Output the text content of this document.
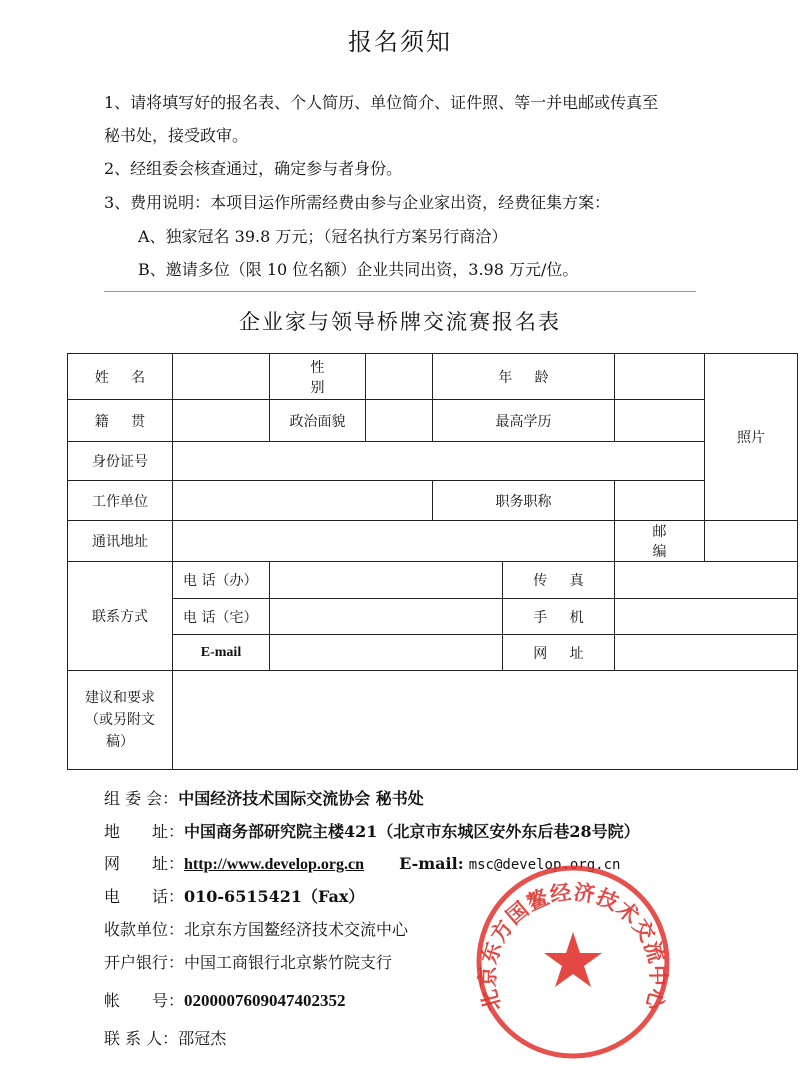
报名须知
1、请将填写好的报名表、个人简历、单位简介、证件照、等一并电邮或传真至
秘书处，接受政审。
2、经组委会核查通过，确定参与者身份。
3、费用说明：本项目运作所需经费由参与企业家出资，经费征集方案：
A、独家冠名 39.8 万元；（冠名执行方案另行商洽）
B、邀请多位（限 10 位名额）企业共同出资，3.98 万元/位。
企业家与领导桥牌交流赛报名表
姓名		性别		年龄			照片
籍贯		政治面貌		最高学历			

身份证号							

工作单位				职务职称			

通讯地址						邮编	

联系方式	电 话（办）				传真		

	电 话（宅）				手机		

	E-mail				网址		

建议和要求（或另附文稿）							
组 委 会：中国经济技术国际交流协会 秘书处
地　　址：中国商务部研究院主楼421（北京市东城区安外东后巷28号院）
网　　址：http://www.develop.org.cn E-mail: msc@develop.org.cn
电　　话：010-6515421（Fax）
收款单位：北京东方国鳌经济技术交流中心
开户银行：中国工商银行北京紫竹院支行
帐　　号：0200007609047402352
联 系 人：邵冠杰
北京东方国鳌经济技术交流中心
